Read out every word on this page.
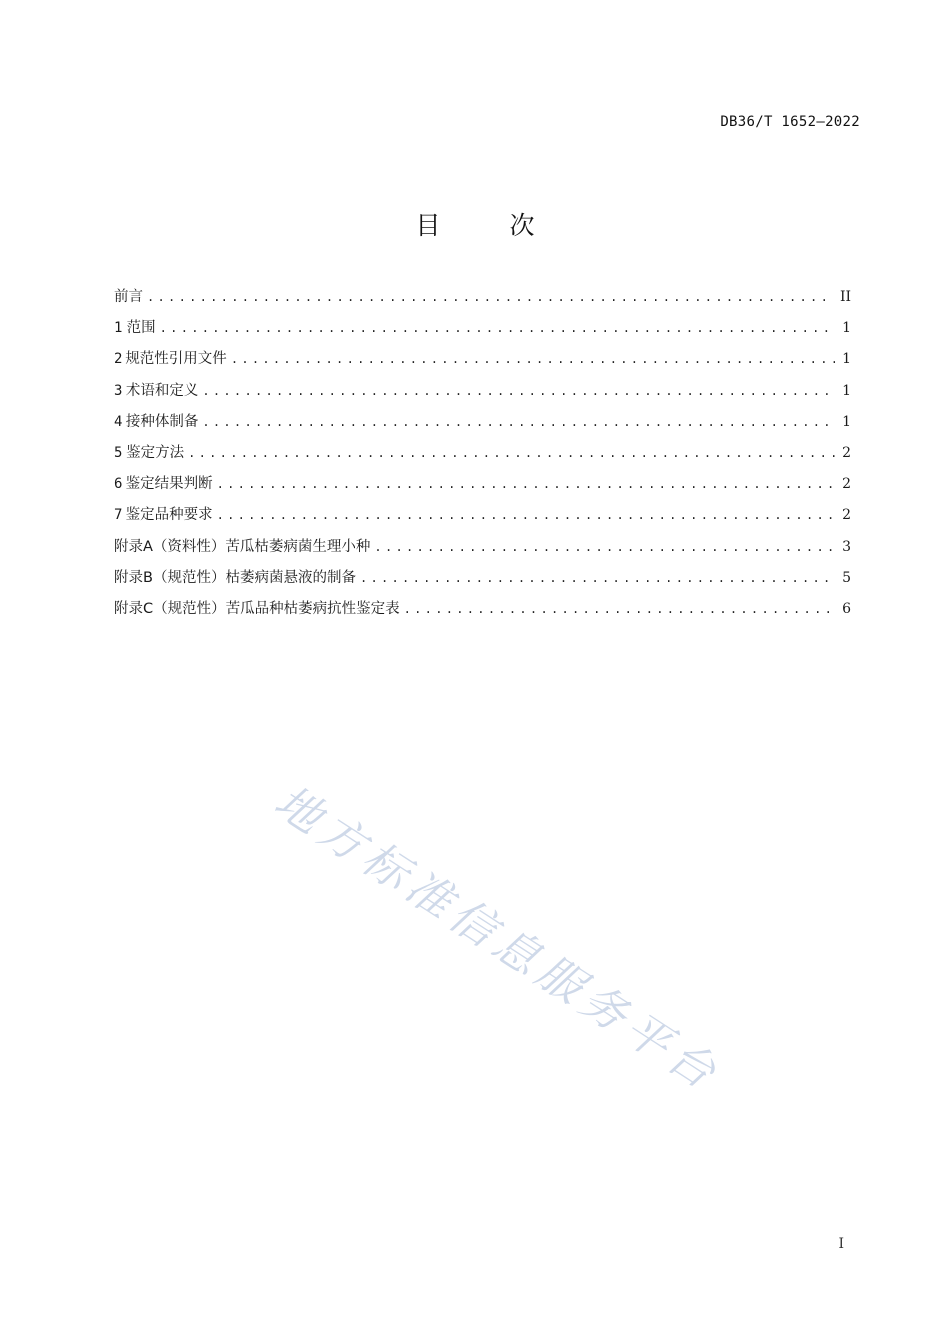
DB36/T 1652—2022
目　次
前言 .....	II
1 范围 .....	1
2 规范性引用文件 .....	1
3 术语和定义 .....	1
4 接种体制备 .....	1
5 鉴定方法 .....	2
6 鉴定结果判断 .....	2
7 鉴定品种要求 .....	2
附录A（资料性）苦瓜枯萎病菌生理小种 .....	3
附录B（规范性）枯萎病菌悬液的制备 .....	5
附录C（规范性）苦瓜品种枯萎病抗性鉴定表 .....	6
地方标准信息服务平台
I
